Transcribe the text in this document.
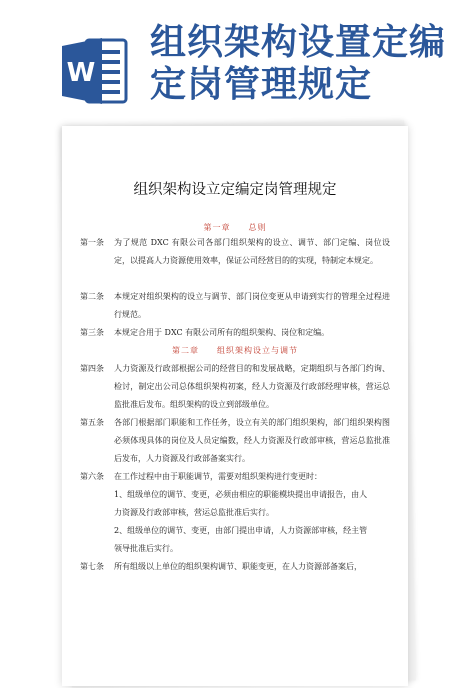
W
组织架构设置定编定岗管理规定

组织架构设立定编定岗管理规定
第一章　　总则
第一条	为了规范 DXC 有限公司各部门组织架构的设立、调节、部门定编、岗位设定，以提高人力资源使用效率，保证公司经营目的的实现，特制定本规定。
第二条	本规定对组织架构的设立与调节、部门岗位变更从申请到实行的管理全过程进行规范。
第三条	本规定合用于 DXC 有限公司所有的组织架构、岗位和定编。
第二章　　组织架构设立与调节
第四条	人力资源及行政部根据公司的经营目的和发展战略，定期组织与各部门约询、检讨，制定出公司总体组织架构初案，经人力资源及行政部经理审核，营运总监批准后发布。组织架构的设立到部级单位。
第五条	各部门根据部门职能和工作任务，设立有关的部门组织架构，部门组织架构图必须体现具体的岗位及人员定编数，经人力资源及行政部审核，营运总监批准后发布，人力资源及行政部备案实行。
第六条	在工作过程中由于职能调节，需要对组织架构进行变更时：
1、组级单位的调节、变更，必须由相应的职能模块提出申请报告，由人力资源及行政部审核，营运总监批准后实行。
2、组级单位的调节、变更，由部门提出申请，人力资源部审核，经主管领导批准后实行。
第七条	所有组级以上单位的组织架构调节、职能变更，在人力资源部备案后，
